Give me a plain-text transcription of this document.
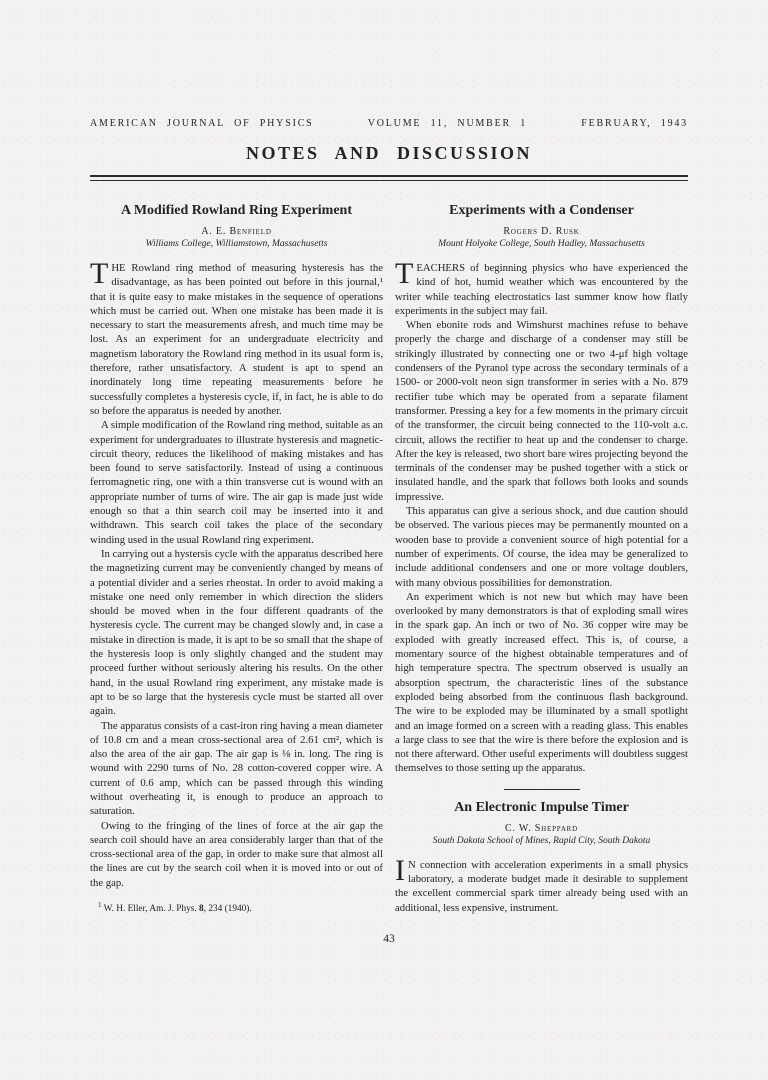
AMERICAN JOURNAL OF PHYSICS	VOLUME 11, NUMBER 1	FEBRUARY, 1943
NOTES AND DISCUSSION
A Modified Rowland Ring Experiment
A. E. Benfield
Williams College, Williamstown, Massachusetts

THE Rowland ring method of measuring hysteresis has the disadvantage, as has been pointed out before in this journal,¹ that it is quite easy to make mistakes in the sequence of operations which must be carried out. When one mistake has been made it is necessary to start the measurements afresh, and much time may be lost. As an experiment for an undergraduate electricity and magnetism laboratory the Rowland ring method in its usual form is, therefore, rather unsatisfactory. A student is apt to spend an inordinately long time repeating measurements before he successfully completes a hysteresis cycle, if, in fact, he is able to do so before the apparatus is needed by another.

A simple modification of the Rowland ring method, suitable as an experiment for undergraduates to illustrate hysteresis and magnetic-circuit theory, reduces the likelihood of making mistakes and has been found to serve satisfactorily. Instead of using a continuous ferromagnetic ring, one with a thin transverse cut is wound with an appropriate number of turns of wire. The air gap is made just wide enough so that a thin search coil may be inserted into it and withdrawn. This search coil takes the place of the secondary winding used in the usual Rowland ring experiment.

In carrying out a hystersis cycle with the apparatus described here the magnetizing current may be conveniently changed by means of a potential divider and a series rheostat. In order to avoid making a mistake one need only remember in which direction the sliders should be moved when in the four different quadrants of the hysteresis cycle. The current may be changed slowly and, in case a mistake in direction is made, it is apt to be so small that the shape of the hysteresis loop is only slightly changed and the student may proceed further without seriously altering his results. On the other hand, in the usual Rowland ring experiment, any mistake made is apt to be so large that the hysteresis cycle must be started all over again.

The apparatus consists of a cast-iron ring having a mean diameter of 10.8 cm and a mean cross-sectional area of 2.61 cm², which is also the area of the air gap. The air gap is ⅛ in. long. The ring is wound with 2290 turns of No. 28 cotton-covered copper wire. A current of 0.6 amp, which can be passed through this winding without overheating it, is enough to produce an approach to saturation.

Owing to the fringing of the lines of force at the air gap the search coil should have an area considerably larger than that of the cross-sectional area of the gap, in order to make sure that almost all the lines are cut by the search coil when it is moved into or out of the gap.

$^1$ W. H. Eller, Am. J. Phys. 8, 234 (1940).

Experiments with a Condenser
Rogers D. Rusk
Mount Holyoke College, South Hadley, Massachusetts

TEACHERS of beginning physics who have experienced the kind of hot, humid weather which was encountered by the writer while teaching electrostatics last summer know how flatly experiments in the subject may fail.

When ebonite rods and Wimshurst machines refuse to behave properly the charge and discharge of a condenser may still be strikingly illustrated by connecting one or two 4-μf high voltage condensers of the Pyranol type across the secondary terminals of a 1500- or 2000-volt neon sign transformer in series with a No. 879 rectifier tube which may be operated from a separate filament transformer. Pressing a key for a few moments in the primary circuit of the transformer, the circuit being connected to the 110-volt a.c. circuit, allows the rectifier to heat up and the condenser to charge. After the key is released, two short bare wires projecting beyond the terminals of the condenser may be pushed together with a stick or insulated handle, and the spark that follows both looks and sounds impressive.

This apparatus can give a serious shock, and due caution should be observed. The various pieces may be permanently mounted on a wooden base to provide a convenient source of high potential for a number of experiments. Of course, the idea may be generalized to include additional condensers and one or more voltage doublers, with many obvious possibilities for demonstration.

An experiment which is not new but which may have been overlooked by many demonstrators is that of exploding small wires in the spark gap. An inch or two of No. 36 copper wire may be exploded with greatly increased effect. This is, of course, a momentary source of the highest obtainable temperatures and of high temperature spectra. The spectrum observed is usually an absorption spectrum, the characteristic lines of the substance exploded being absorbed from the continuous flash background. The wire to be exploded may be illuminated by a small spotlight and an image formed on a screen with a reading glass. This enables a large class to see that the wire is there before the explosion and is not there afterward. Other useful experiments will doubtless suggest themselves to those setting up the apparatus.

An Electronic Impulse Timer
C. W. Sheppard
South Dakota School of Mines, Rapid City, South Dakota

I N connection with acceleration experiments in a small physics laboratory, a moderate budget made it desirable to supplement the excellent commercial spark timer already being used with an additional, less expensive, instrument.

43
